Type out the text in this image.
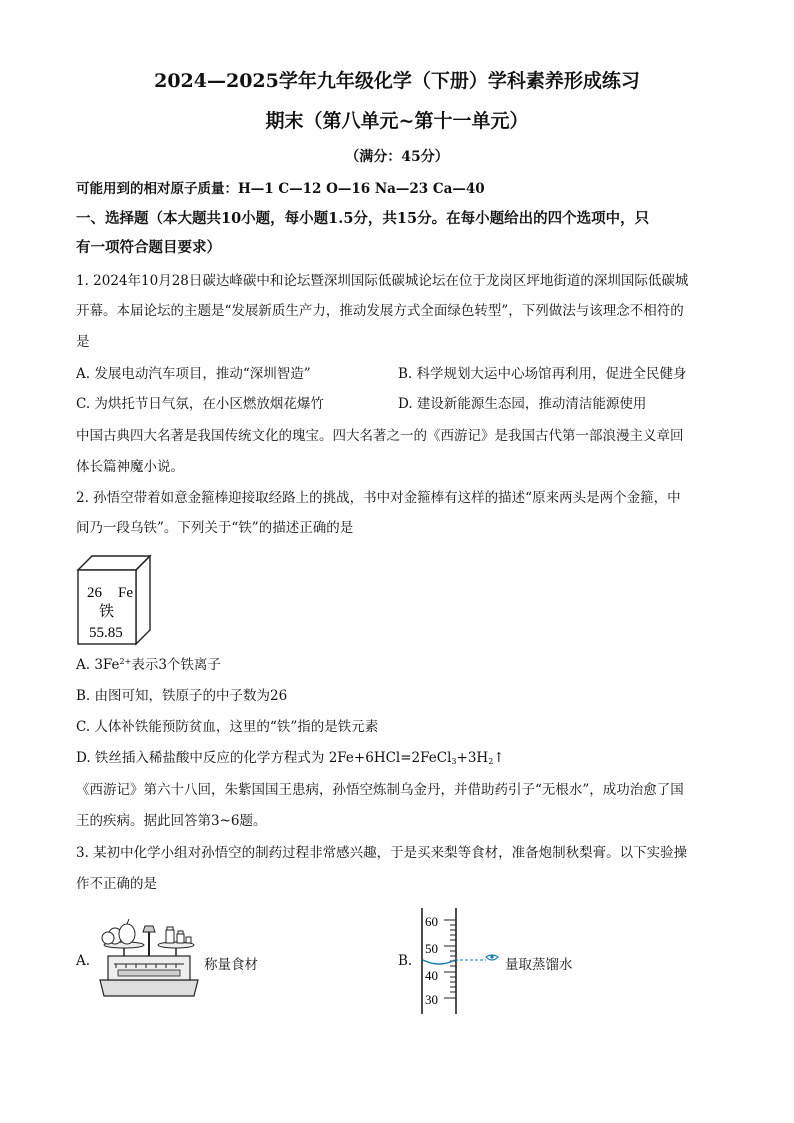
2024—2025学年九年级化学（下册）学科素养形成练习
期末（第八单元~第十一单元）
（满分：45分）
可能用到的相对原子质量：H—1 C—12 O—16 Na—23 Ca—40
一、选择题（本大题共10小题，每小题1.5分，共15分。在每小题给出的四个选项中，只
有一项符合题目要求）
1. 2024年10月28日碳达峰碳中和论坛暨深圳国际低碳城论坛在位于龙岗区坪地街道的深圳国际低碳城
开幕。本届论坛的主题是“发展新质生产力，推动发展方式全面绿色转型”，下列做法与该理念不相符的
是
A. 发展电动汽车项目，推动“深圳智造”	B. 科学规划大运中心场馆再利用，促进全民健身
C. 为烘托节日气氛，在小区燃放烟花爆竹	D. 建设新能源生态园，推动清洁能源使用
中国古典四大名著是我国传统文化的瑰宝。四大名著之一的《西游记》是我国古代第一部浪漫主义章回
体长篇神魔小说。
2. 孙悟空带着如意金箍棒迎接取经路上的挑战，书中对金箍棒有这样的描述“原来两头是两个金箍，中
间乃一段乌铁”。下列关于“铁”的描述正确的是
26 Fe
铁
55.85
A. $3Fe^{2+}$表示3个铁离子
B. 由图可知，铁原子的中子数为26
C. 人体补铁能预防贫血，这里的“铁”指的是铁元素
D. 铁丝插入稀盐酸中反应的化学方程式为 $2Fe+6HCl=2FeCl_3+3H_2↑$
《西游记》第六十八回，朱紫国国王患病，孙悟空炼制乌金丹，并借助药引子“无根水”，成功治愈了国
王的疾病。据此回答第3~6题。
3. 某初中化学小组对孙悟空的制药过程非常感兴趣，于是买来梨等食材，准备炮制秋梨膏。以下实验操
作不正确的是
A.	称量食材	B.
60
50
40
30
量取蒸馏水
